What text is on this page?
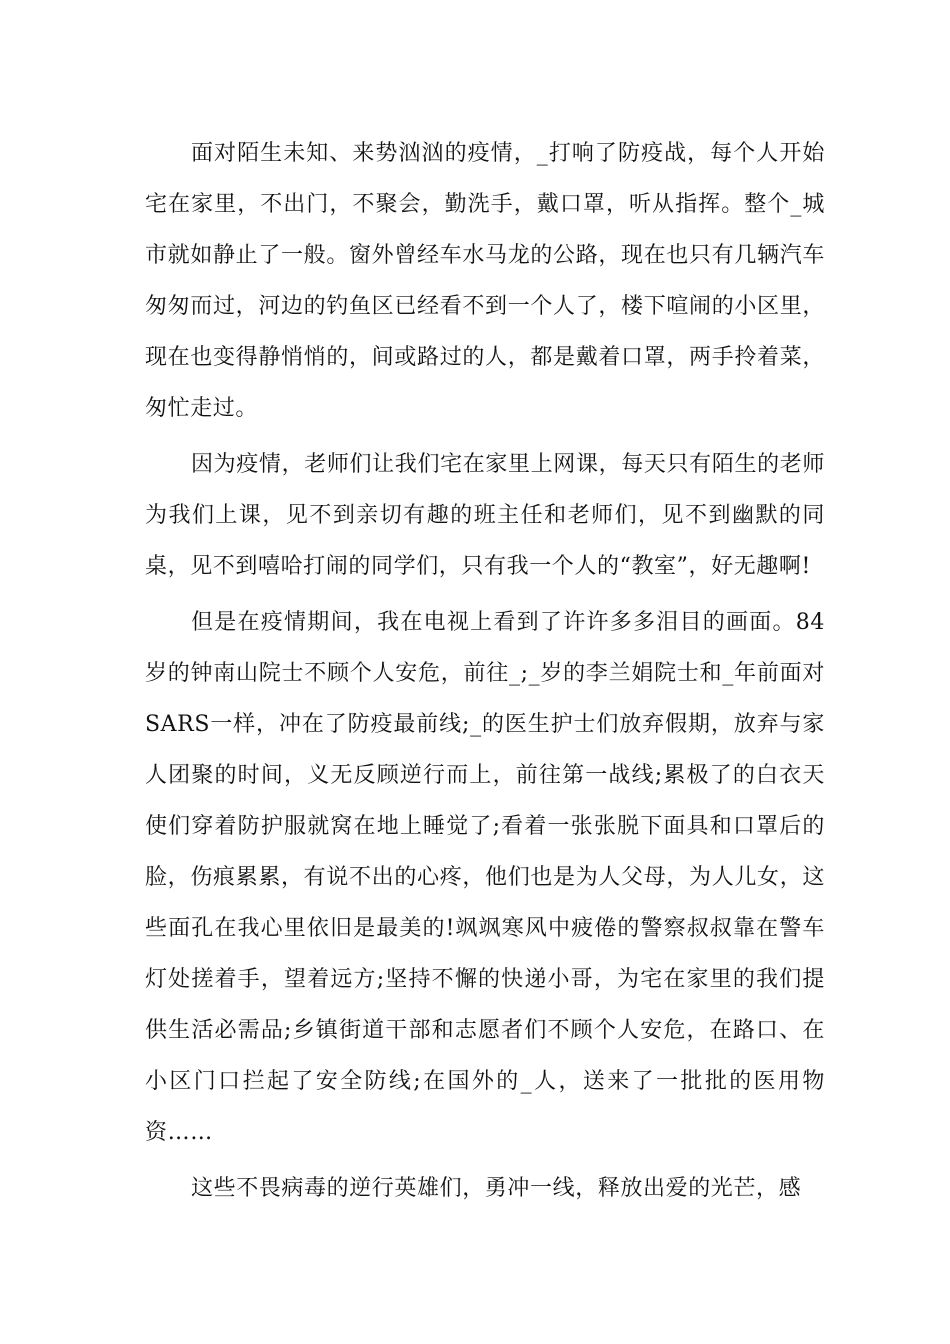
面对陌生未知、来势汹汹的疫情，_打响了防疫战，每个人开始宅在家里，不出门，不聚会，勤洗手，戴口罩，听从指挥。整个_城市就如静止了一般。窗外曾经车水马龙的公路，现在也只有几辆汽车匆匆而过，河边的钓鱼区已经看不到一个人了，楼下喧闹的小区里，现在也变得静悄悄的，间或路过的人，都是戴着口罩，两手拎着菜，匆忙走过。

因为疫情，老师们让我们宅在家里上网课，每天只有陌生的老师为我们上课，见不到亲切有趣的班主任和老师们，见不到幽默的同桌，见不到嘻哈打闹的同学们，只有我一个人的“教室”，好无趣啊!

但是在疫情期间，我在电视上看到了许许多多泪目的画面。84岁的钟南山院士不顾个人安危，前往_;_岁的李兰娟院士和_年前面对SARS一样，冲在了防疫最前线;_的医生护士们放弃假期，放弃与家人团聚的时间，义无反顾逆行而上，前往第一战线;累极了的白衣天使们穿着防护服就窝在地上睡觉了;看着一张张脱下面具和口罩后的脸，伤痕累累，有说不出的心疼，他们也是为人父母，为人儿女，这些面孔在我心里依旧是最美的!飒飒寒风中疲倦的警察叔叔靠在警车灯处搓着手，望着远方;坚持不懈的快递小哥，为宅在家里的我们提供生活必需品;乡镇街道干部和志愿者们不顾个人安危，在路口、在小区门口拦起了安全防线;在国外的_人，送来了一批批的医用物资……

这些不畏病毒的逆行英雄们，勇冲一线，释放出爱的光芒，感
